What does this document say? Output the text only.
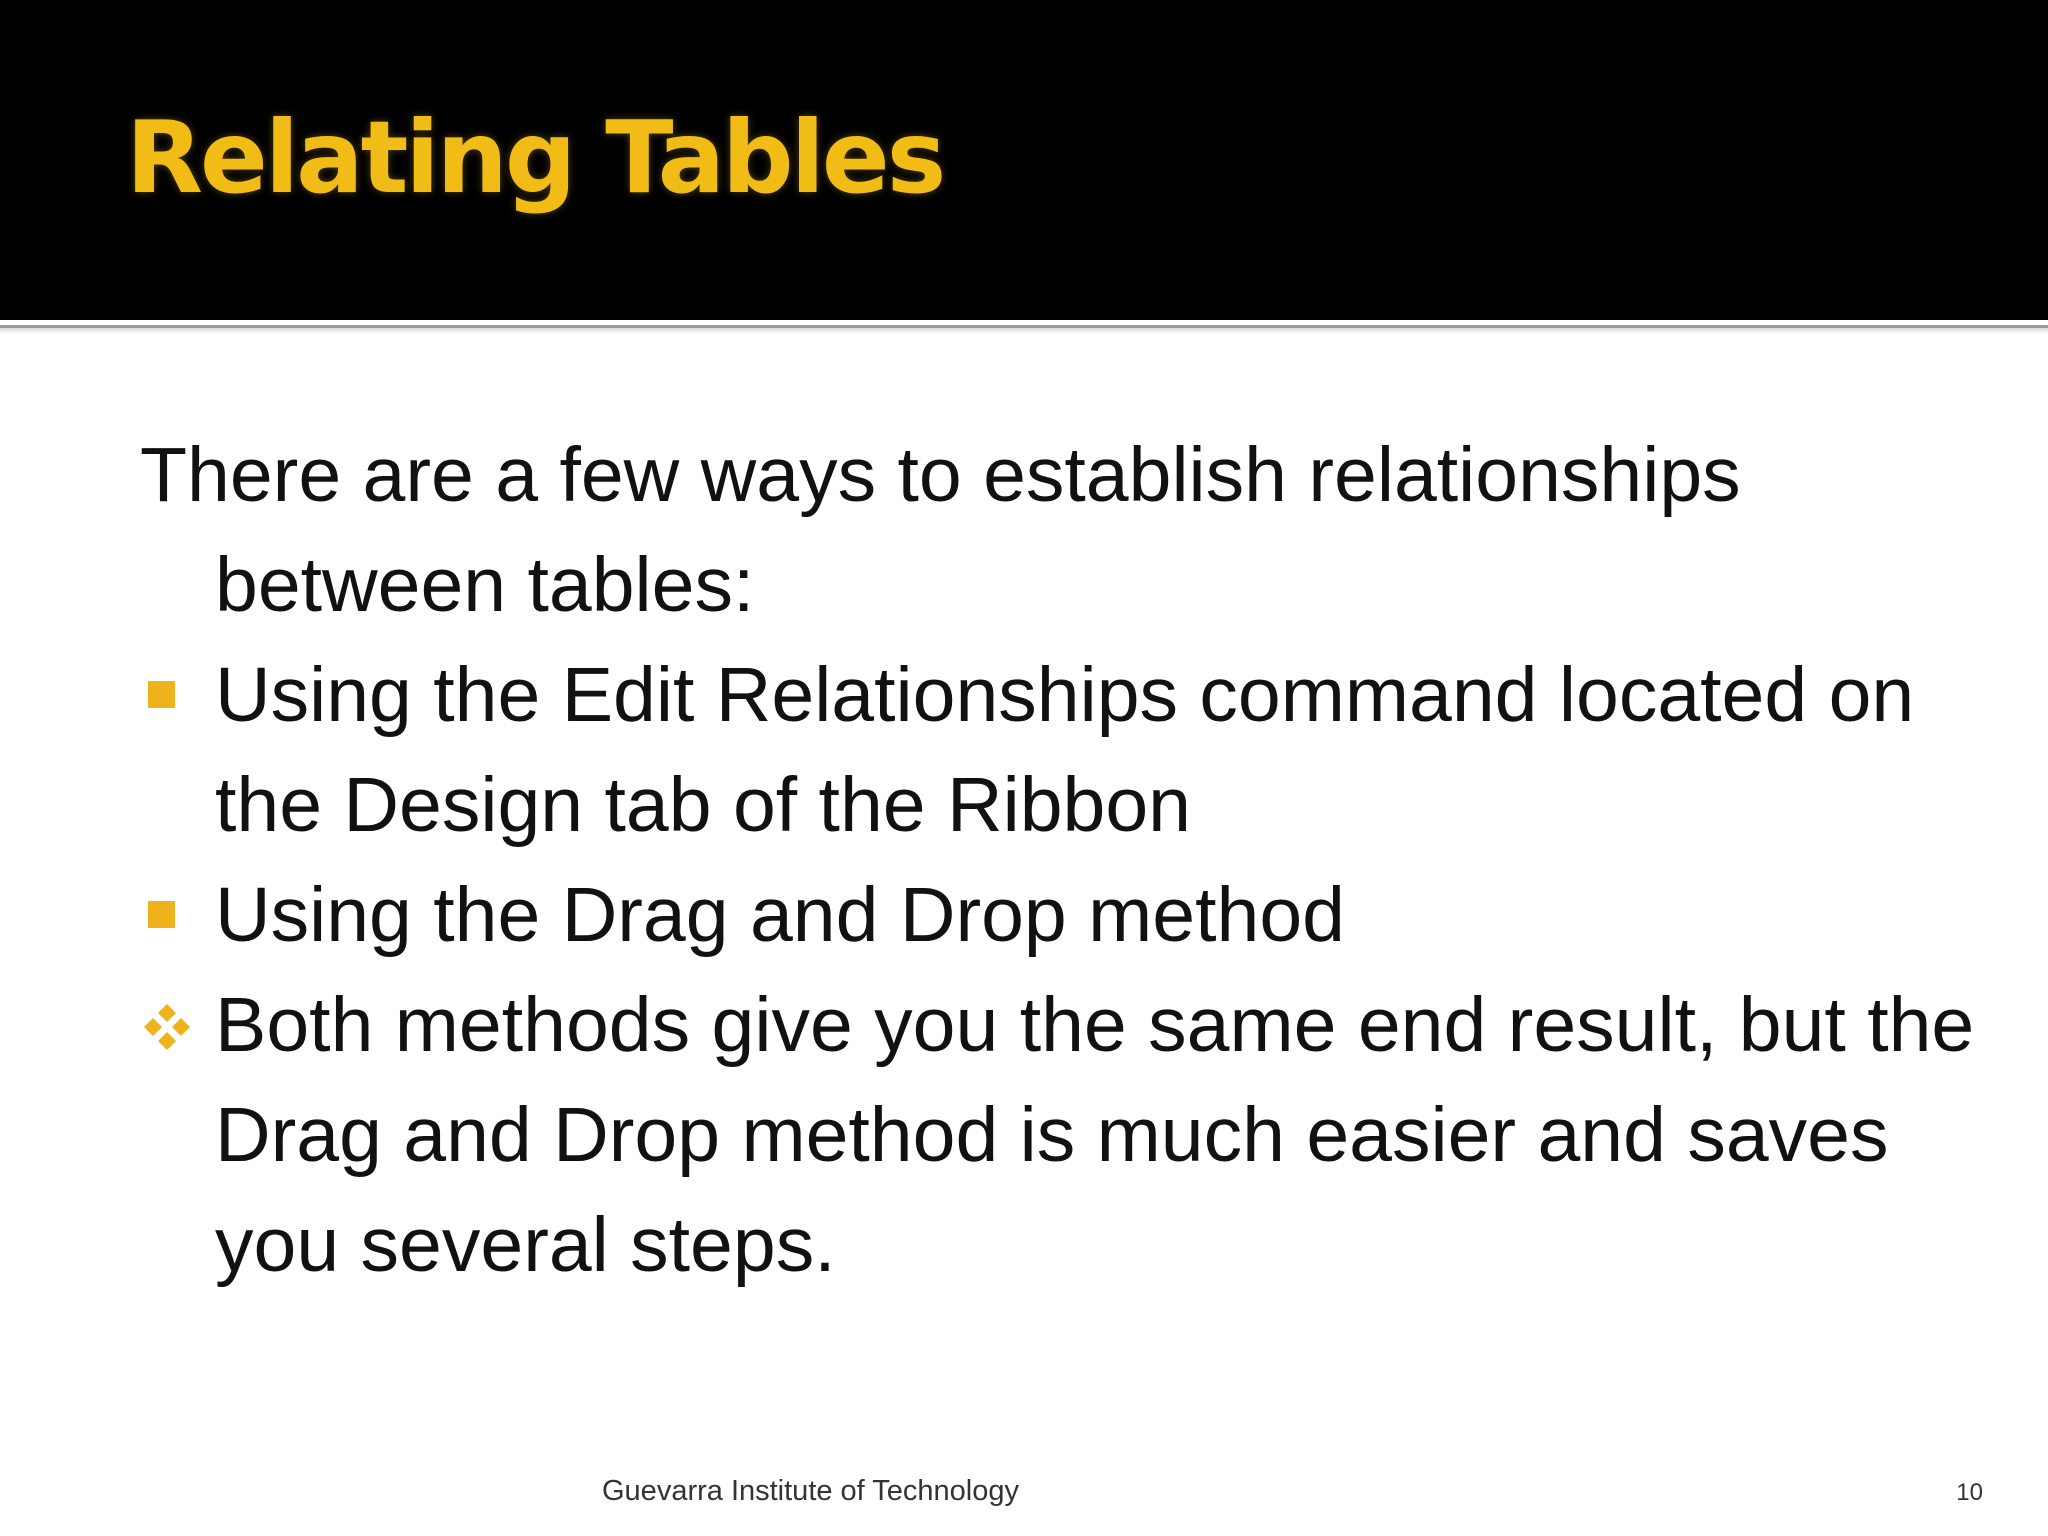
Relating Tables

There are a few ways to establish relationships between tables:

Using the Edit Relationships command located on the Design tab of the Ribbon
Using the Drag and Drop method
Both methods give you the same end result, but the Drag and Drop method is much easier and saves you several steps.
Guevarra Institute of Technology	10
